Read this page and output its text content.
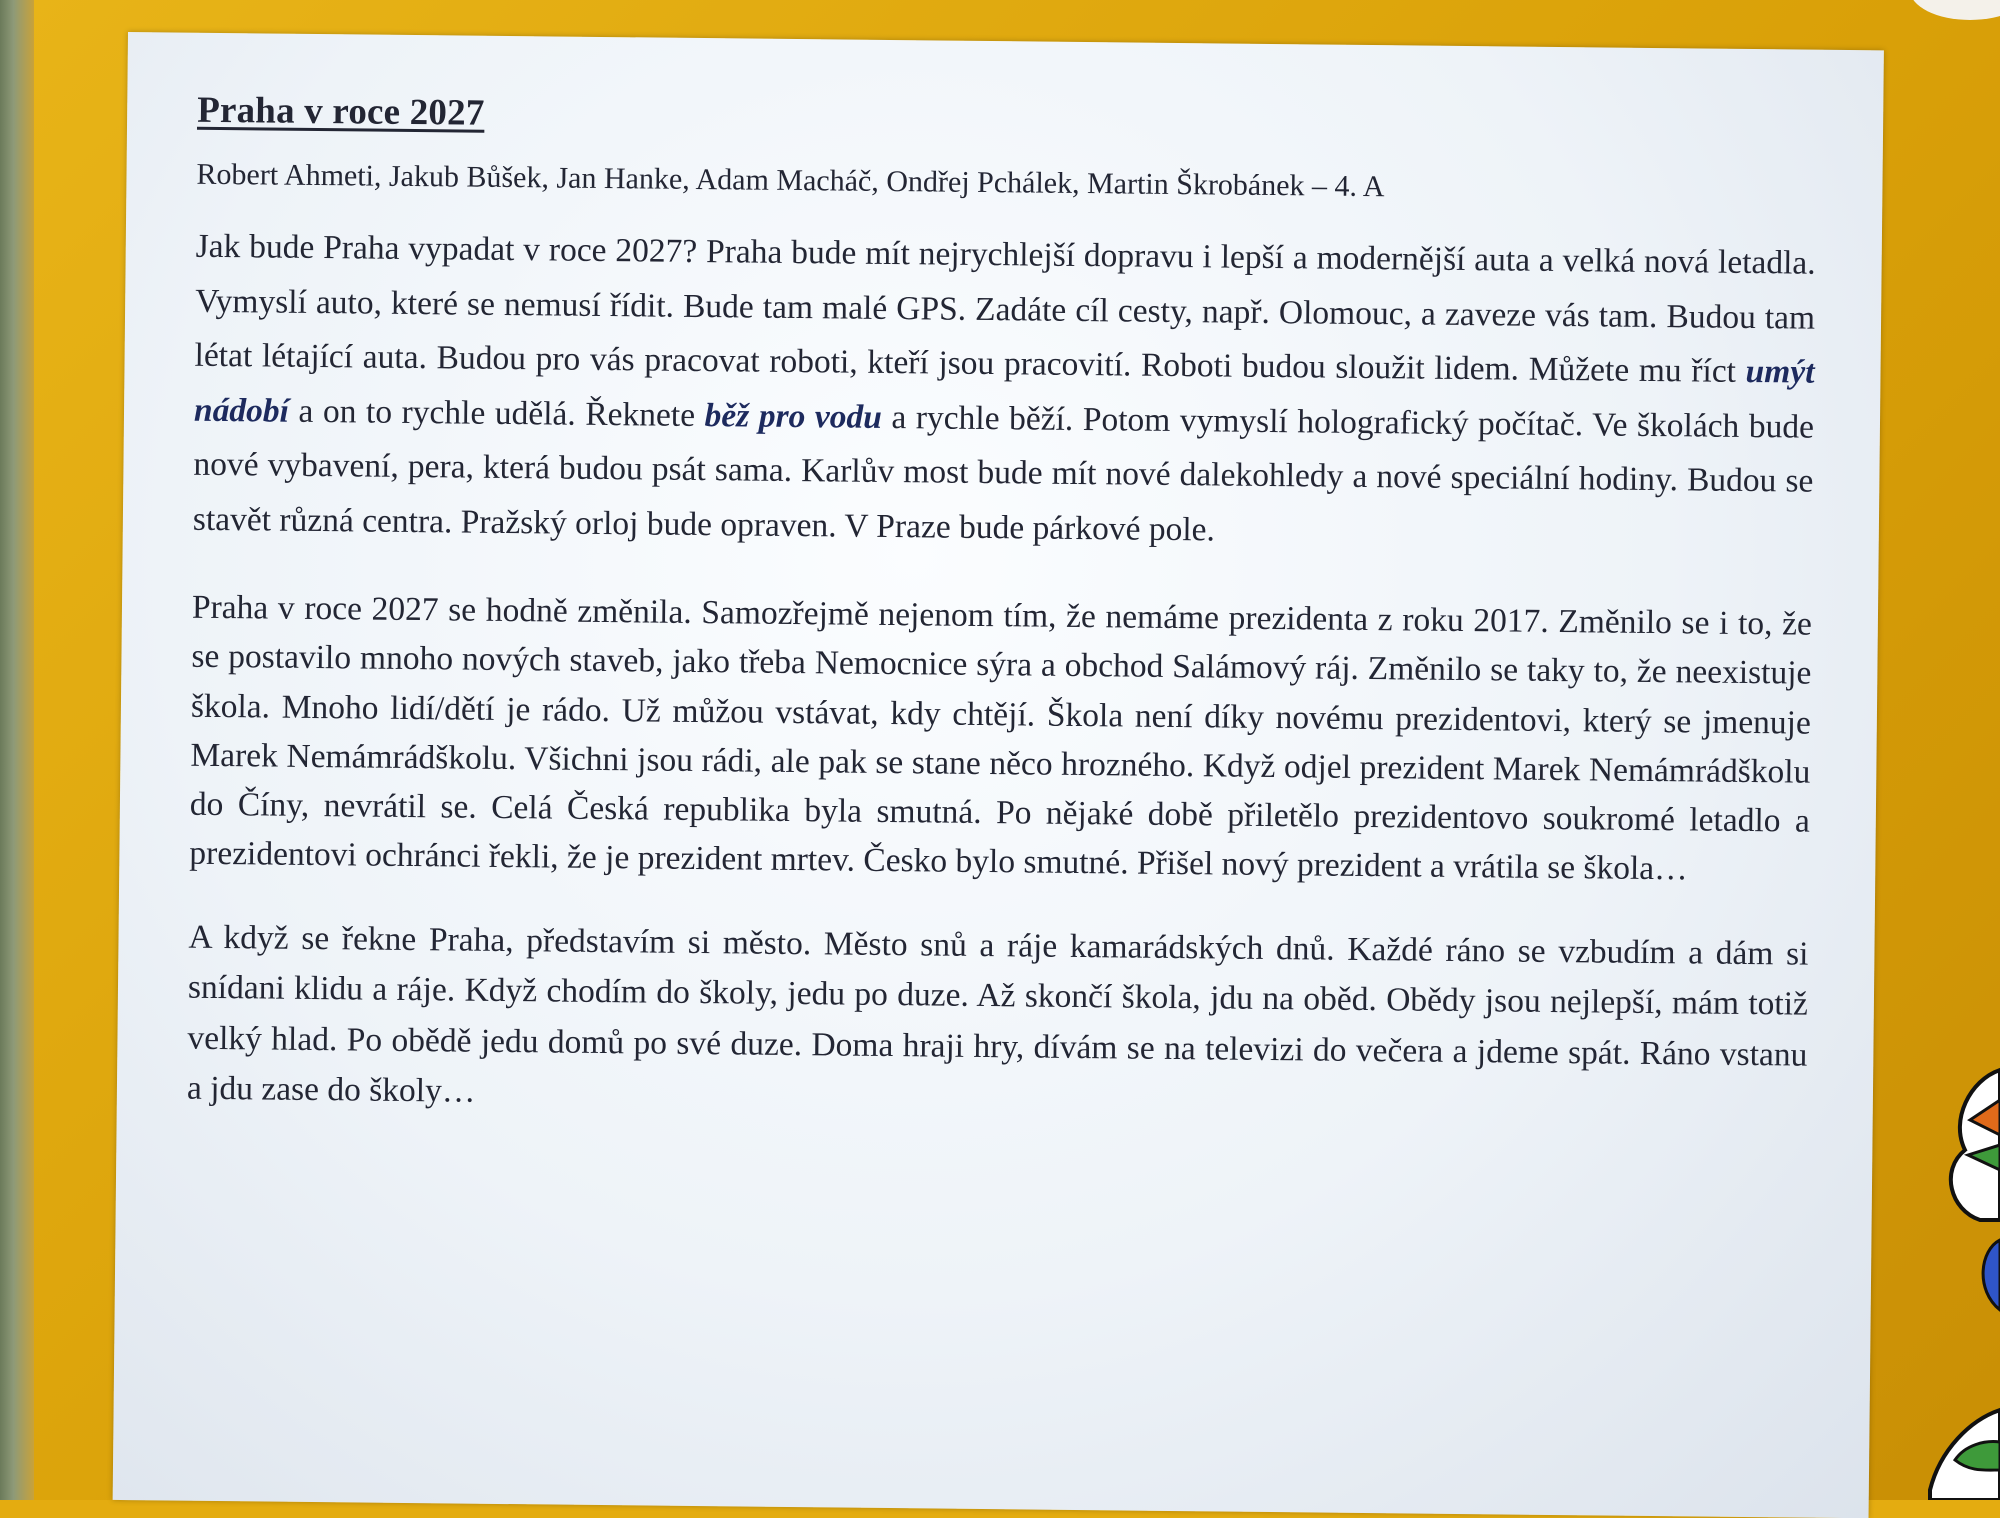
Praha v roce 2027

Robert Ahmeti, Jakub Bůšek, Jan Hanke, Adam Macháč, Ondřej Pchálek, Martin Škrobánek – 4. A

Jak bude Praha vypadat v roce 2027? Praha bude mít nejrychlejší dopravu i lepší a modernější auta a velká nová letadla. Vymyslí auto, které se nemusí řídit. Bude tam malé GPS. Zadáte cíl cesty, např. Olomouc, a zaveze vás tam. Budou tam létat létající auta. Budou pro vás pracovat roboti, kteří jsou pracovití. Roboti budou sloužit lidem. Můžete mu říct umýt nádobí a on to rychle udělá. Řeknete běž pro vodu a rychle běží. Potom vymyslí holografický počítač. Ve školách bude nové vybavení, pera, která budou psát sama. Karlův most bude mít nové dalekohledy a nové speciální hodiny. Budou se stavět různá centra. Pražský orloj bude opraven. V Praze bude párkové pole.

Praha v roce 2027 se hodně změnila. Samozřejmě nejenom tím, že nemáme prezidenta z roku 2017. Změnilo se i to, že se postavilo mnoho nových staveb, jako třeba Nemocnice sýra a obchod Salámový ráj. Změnilo se taky to, že neexistuje škola. Mnoho lidí/dětí je rádo. Už můžou vstávat, kdy chtějí. Škola není díky novému prezidentovi, který se jmenuje Marek Nemámrádškolu. Všichni jsou rádi, ale pak se stane něco hrozného. Když odjel prezident Marek Nemámrádškolu do Číny, nevrátil se. Celá Česká republika byla smutná. Po nějaké době přiletělo prezidentovo soukromé letadlo a prezidentovi ochránci řekli, že je prezident mrtev. Česko bylo smutné. Přišel nový prezident a vrátila se škola…

A když se řekne Praha, představím si město. Město snů a ráje kamarádských dnů. Každé ráno se vzbudím a dám si snídani klidu a ráje. Když chodím do školy, jedu po duze. Až skončí škola, jdu na oběd. Obědy jsou nejlepší, mám totiž velký hlad. Po obědě jedu domů po své duze. Doma hraji hry, dívám se na televizi do večera a jdeme spát. Ráno vstanu a jdu zase do školy…
